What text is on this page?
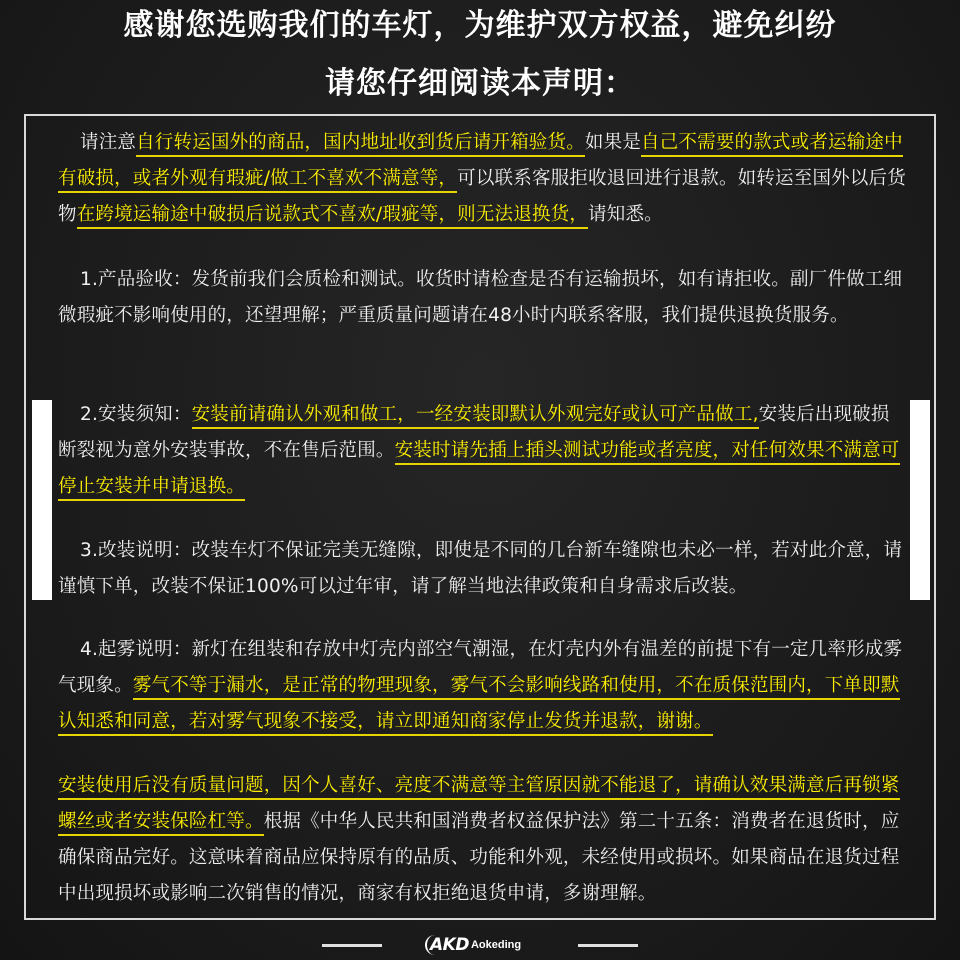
感谢您选购我们的车灯，为维护双方权益，避免纠纷
请您仔细阅读本声明：
请注意自行转运国外的商品，国内地址收到货后请开箱验货。如果是自己不需要的款式或者运输途中有破损，或者外观有瑕疵/做工不喜欢不满意等，可以联系客服拒收退回进行退款。如转运至国外以后货物在跨境运输途中破损后说款式不喜欢/瑕疵等，则无法退换货，请知悉。
1.产品验收：发货前我们会质检和测试。收货时请检查是否有运输损坏，如有请拒收。副厂件做工细微瑕疵不影响使用的，还望理解；严重质量问题请在48小时内联系客服，我们提供退换货服务。
2.安装须知：安装前请确认外观和做工，一经安装即默认外观完好或认可产品做工,安装后出现破损断裂视为意外安装事故，不在售后范围。安装时请先插上插头测试功能或者亮度，对任何效果不满意可停止安装并申请退换。
3.改装说明：改装车灯不保证完美无缝隙，即使是不同的几台新车缝隙也未必一样，若对此介意，请谨慎下单，改装不保证100%可以过年审，请了解当地法律政策和自身需求后改装。
4.起雾说明：新灯在组装和存放中灯壳内部空气潮湿，在灯壳内外有温差的前提下有一定几率形成雾气现象。雾气不等于漏水，是正常的物理现象，雾气不会影响线路和使用，不在质保范围内，下单即默认知悉和同意，若对雾气现象不接受，请立即通知商家停止发货并退款，谢谢。
安装使用后没有质量问题，因个人喜好、亮度不满意等主管原因就不能退了，请确认效果满意后再锁紧螺丝或者安装保险杠等。根据《中华人民共和国消费者权益保护法》第二十五条：消费者在退货时，应确保商品完好。这意味着商品应保持原有的品质、功能和外观，未经使用或损坏。如果商品在退货过程中出现损坏或影响二次销售的情况，商家有权拒绝退货申请，多谢理解。
AKD Aokeding
